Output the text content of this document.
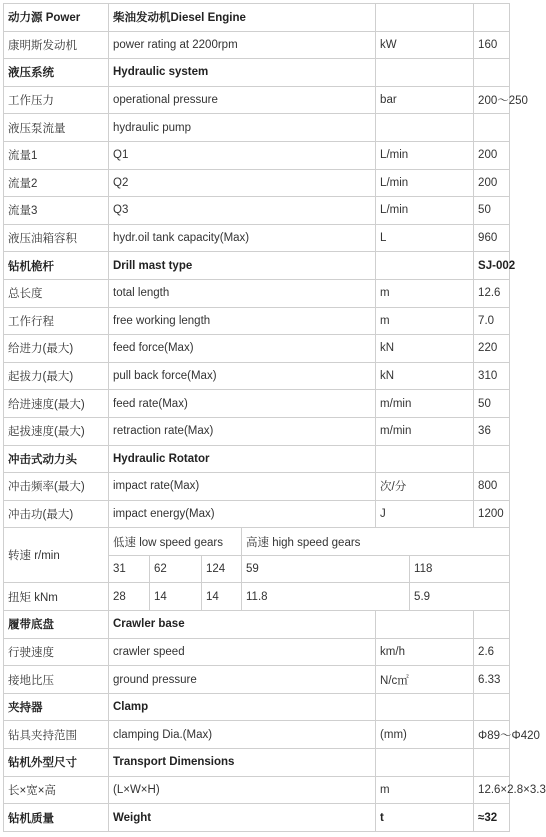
动力源 Power	柴油发动机Diesel Engine							
康明斯发动机	power rating at 2200rpm				kW		160	
液压系统	Hydraulic system							
工作压力	operational pressure				bar		200～250	
液压泵流量	hydraulic pump							
流量1	Q1				L/min		200	
流量2	Q2				L/min		200	
流量3	Q3				L/min		50	
液压油箱容积	hydr.oil tank capacity(Max)				L		960	
钻机桅杆	Drill mast type						SJ-002	
总长度	total length				m		12.6	
工作行程	free working length				m		7.0	
给进力(最大)	feed force(Max)				kN		220	
起拔力(最大)	pull back force(Max)				kN		310	
给进速度(最大)	feed rate(Max)				m/min		50	
起拔速度(最大)	retraction rate(Max)				m/min		36	
冲击式动力头	Hydraulic Rotator							
冲击频率(最大)	impact rate(Max)				次/分		800	
冲击功(最大)	impact energy(Max)				J		1200	
转速 r/min	低速 low speed gears			高速 high speed gears				
	31	62	124	59		118	
扭矩 kNm	28	14	14	11.8		5.9	
履带底盘	Crawler base							
行驶速度	crawler speed				km/h		2.6	
接地比压	ground pressure				N/c㎡		6.33	
夹持器	Clamp							
钻具夹持范围	clamping Dia.(Max)				(mm)		Φ89～Φ420	
钻机外型尺寸	Transport Dimensions							
长×宽×高	(L×W×H)				m		12.6×2.8×3.3	
钻机质量	Weight				t		≈32	
